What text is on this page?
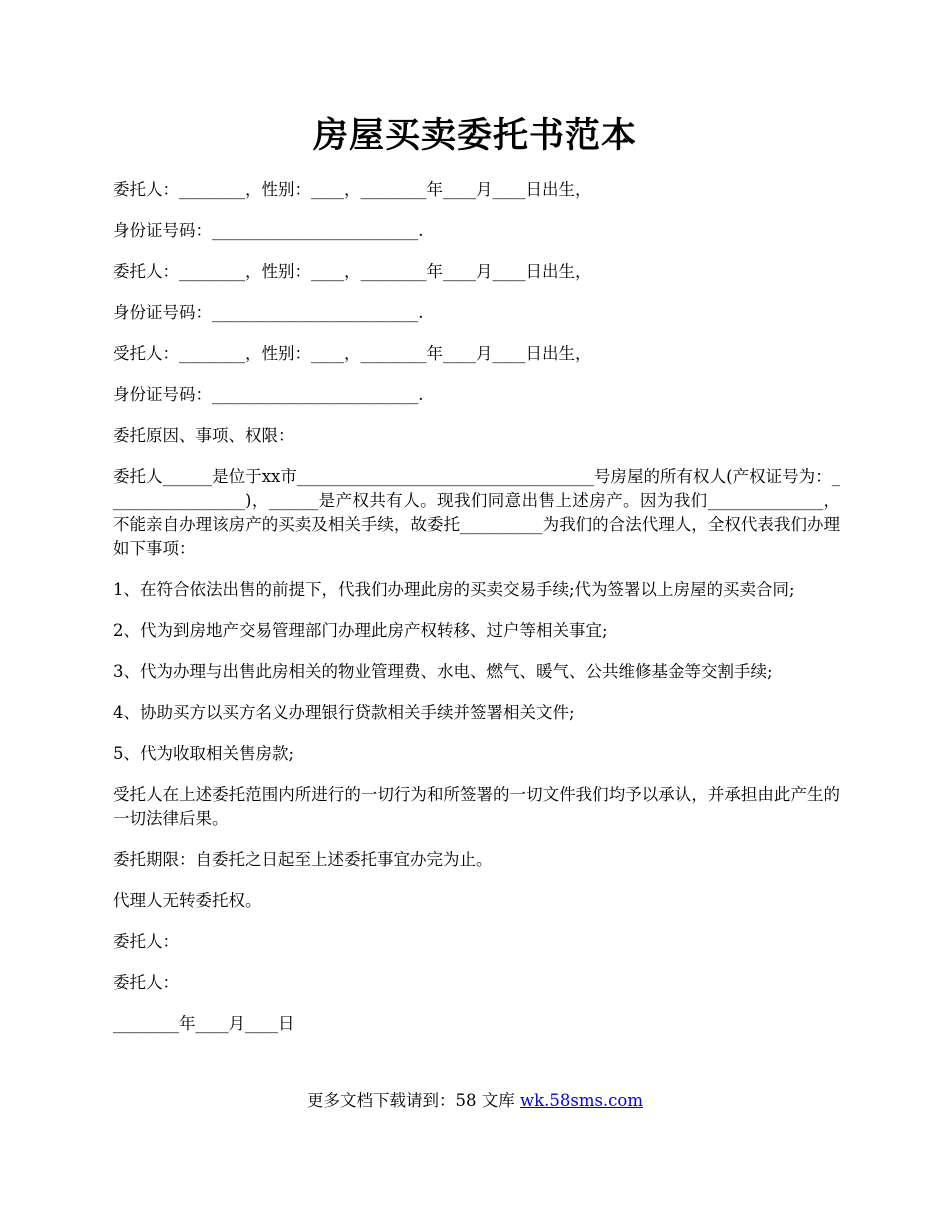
房屋买卖委托书范本

委托人：________，性别：____，________年____月____日出生，

身份证号码：_________________________.

委托人：________，性别：____，________年____月____日出生，

身份证号码：_________________________.

受托人：________，性别：____，________年____月____日出生，

身份证号码：_________________________.

委托原因、事项、权限：

委托人______是位于xx市____________________________________号房屋的所有权人(产权证号为：_________________)，______是产权共有人。现我们同意出售上述房产。因为我们______________，不能亲自办理该房产的买卖及相关手续，故委托__________为我们的合法代理人，全权代表我们办理如下事项：

1、在符合依法出售的前提下，代我们办理此房的买卖交易手续;代为签署以上房屋的买卖合同;

2、代为到房地产交易管理部门办理此房产权转移、过户等相关事宜;

3、代为办理与出售此房相关的物业管理费、水电、燃气、暖气、公共维修基金等交割手续;

4、协助买方以买方名义办理银行贷款相关手续并签署相关文件;

5、代为收取相关售房款;

受托人在上述委托范围内所进行的一切行为和所签署的一切文件我们均予以承认，并承担由此产生的一切法律后果。

委托期限：自委托之日起至上述委托事宜办完为止。

代理人无转委托权。

委托人：

委托人：

________年____月____日

更多文档下载请到：58 文库 wk.58sms.com
